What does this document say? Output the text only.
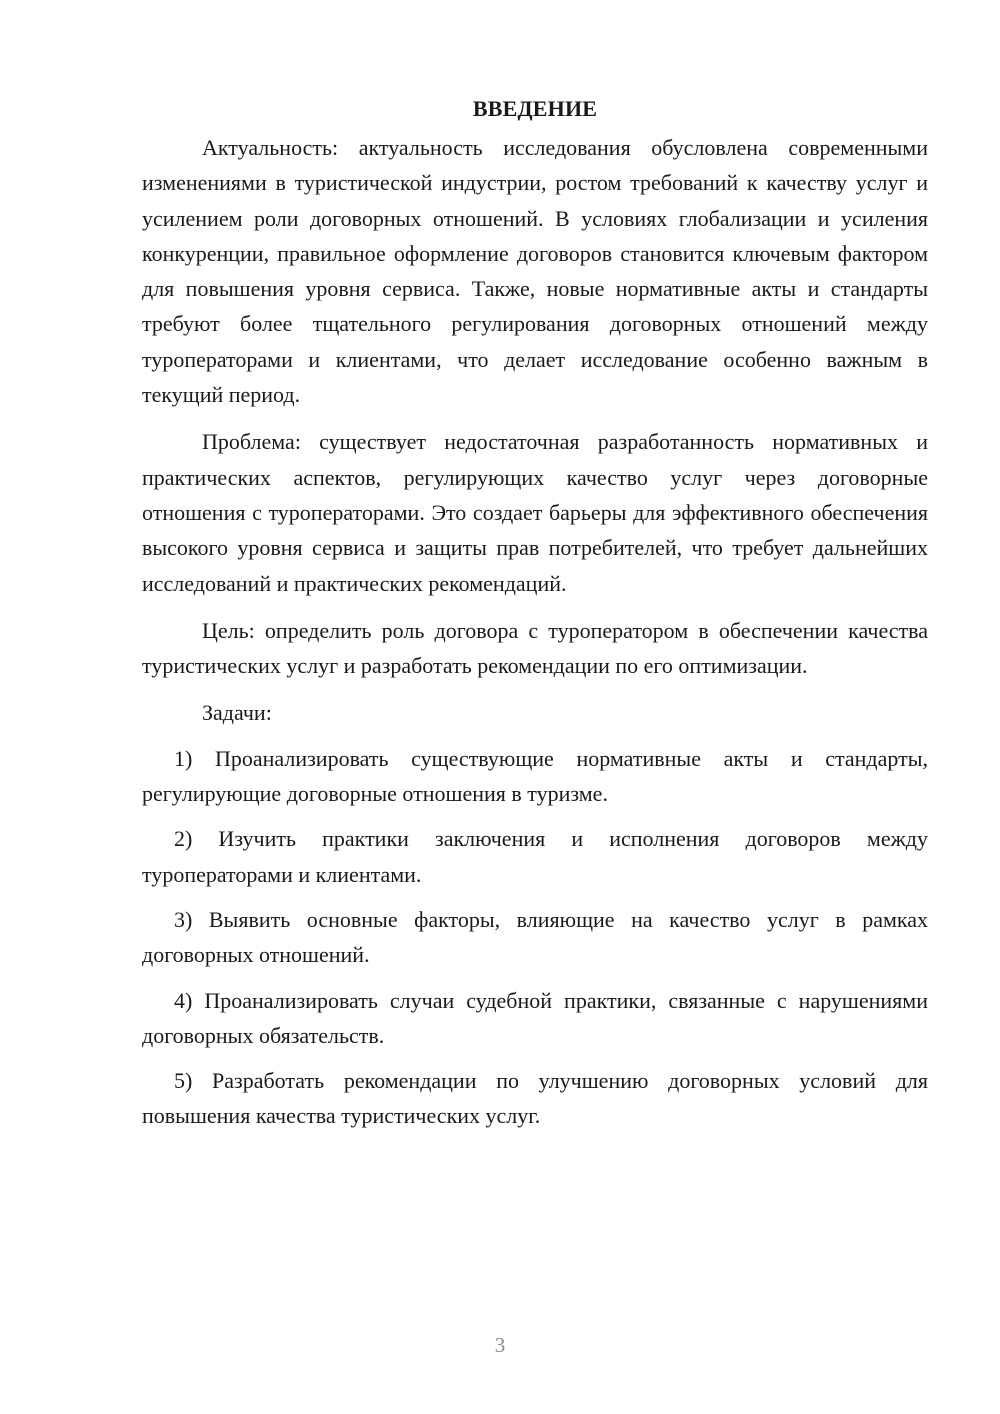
ВВЕДЕНИЕ

Актуальность: актуальность исследования обусловлена современными изменениями в туристической индустрии, ростом требований к качеству услуг и усилением роли договорных отношений. В условиях глобализации и усиления конкуренции, правильное оформление договоров становится ключевым фактором для повышения уровня сервиса. Также, новые нормативные акты и стандарты требуют более тщательного регулирования договорных отношений между туроператорами и клиентами, что делает исследование особенно важным в текущий период.

Проблема: существует недостаточная разработанность нормативных и практических аспектов, регулирующих качество услуг через договорные отношения с туроператорами. Это создает барьеры для эффективного обеспечения высокого уровня сервиса и защиты прав потребителей, что требует дальнейших исследований и практических рекомендаций.

Цель: определить роль договора с туроператором в обеспечении качества туристических услуг и разработать рекомендации по его оптимизации.

Задачи:

1) Проанализировать существующие нормативные акты и стандарты, регулирующие договорные отношения в туризме.

2) Изучить практики заключения и исполнения договоров между туроператорами и клиентами.

3) Выявить основные факторы, влияющие на качество услуг в рамках договорных отношений.

4) Проанализировать случаи судебной практики, связанные с нарушениями договорных обязательств.

5) Разработать рекомендации по улучшению договорных условий для повышения качества туристических услуг.

3
